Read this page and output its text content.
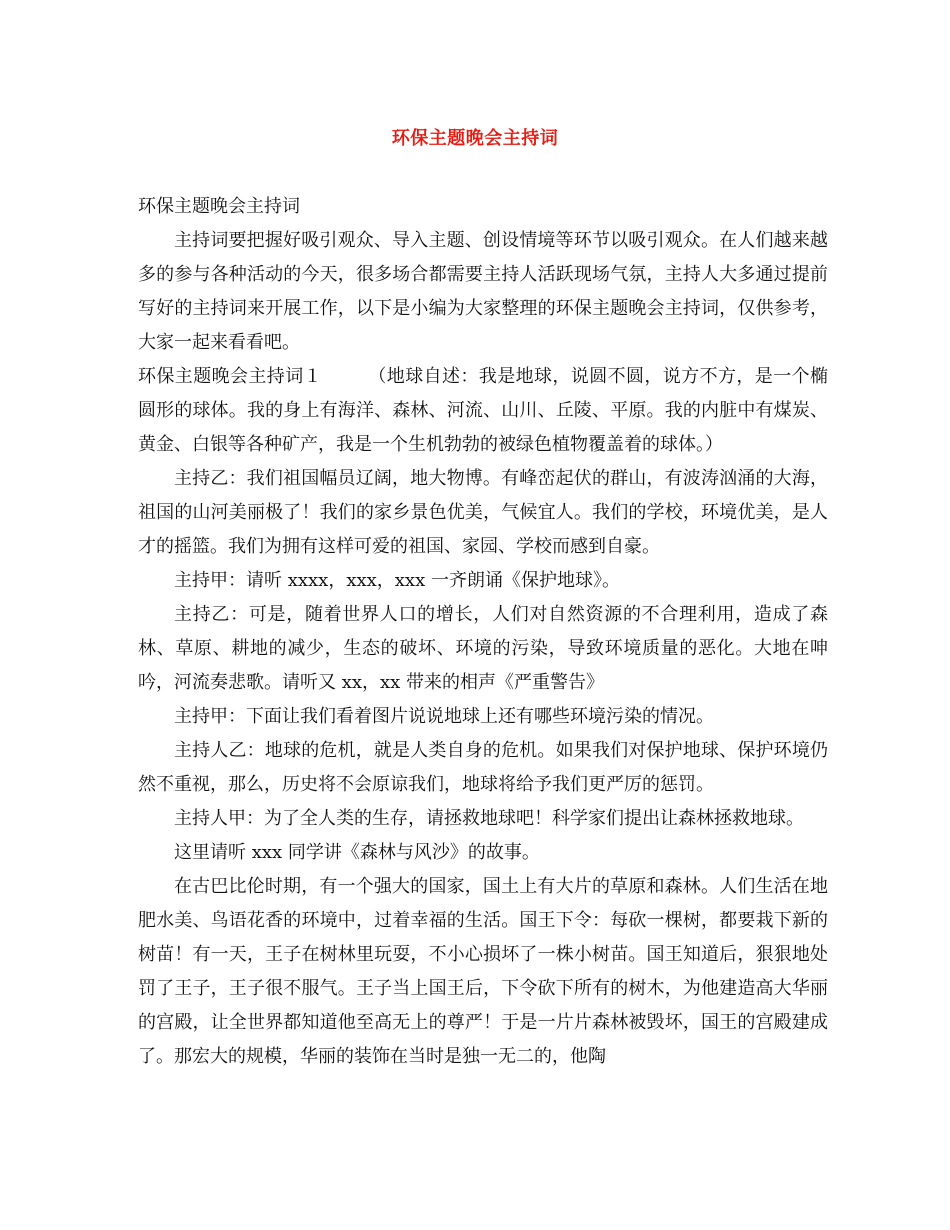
环保主题晚会主持词

环保主题晚会主持词

主持词要把握好吸引观众、导入主题、创设情境等环节以吸引观众。在人们越来越多的参与各种活动的今天，很多场合都需要主持人活跃现场气氛，主持人大多通过提前写好的主持词来开展工作，以下是小编为大家整理的环保主题晚会主持词，仅供参考，大家一起来看看吧。

环保主题晚会主持词１	（地球自述：我是地球，说圆不圆，说方不方，是一个椭圆形的球体。我的身上有海洋、森林、河流、山川、丘陵、平原。我的内脏中有煤炭、黄金、白银等各种矿产，我是一个生机勃勃的被绿色植物覆盖着的球体。）

主持乙：我们祖国幅员辽阔，地大物博。有峰峦起伏的群山，有波涛汹涌的大海，祖国的山河美丽极了！我们的家乡景色优美，气候宜人。我们的学校，环境优美，是人才的摇篮。我们为拥有这样可爱的祖国、家园、学校而感到自豪。

主持甲：请听 xxxx，xxx，xxx 一齐朗诵《保护地球》。

主持乙：可是，随着世界人口的增长，人们对自然资源的不合理利用，造成了森林、草原、耕地的减少，生态的破坏、环境的污染，导致环境质量的恶化。大地在呻吟，河流奏悲歌。请听又 xx，xx 带来的相声《严重警告》

主持甲：下面让我们看着图片说说地球上还有哪些环境污染的情况。

主持人乙：地球的危机，就是人类自身的危机。如果我们对保护地球、保护环境仍然不重视，那么，历史将不会原谅我们，地球将给予我们更严厉的惩罚。

主持人甲：为了全人类的生存，请拯救地球吧！科学家们提出让森林拯救地球。

这里请听 xxx 同学讲《森林与风沙》的故事。

在古巴比伦时期，有一个强大的国家，国土上有大片的草原和森林。人们生活在地肥水美、鸟语花香的环境中，过着幸福的生活。国王下令：每砍一棵树，都要栽下新的树苗！有一天，王子在树林里玩耍，不小心损坏了一株小树苗。国王知道后，狠狠地处罚了王子，王子很不服气。王子当上国王后，下令砍下所有的树木，为他建造高大华丽的宫殿，让全世界都知道他至高无上的尊严！于是一片片森林被毁坏，国王的宫殿建成了。那宏大的规模，华丽的装饰在当时是独一无二的，他陶
